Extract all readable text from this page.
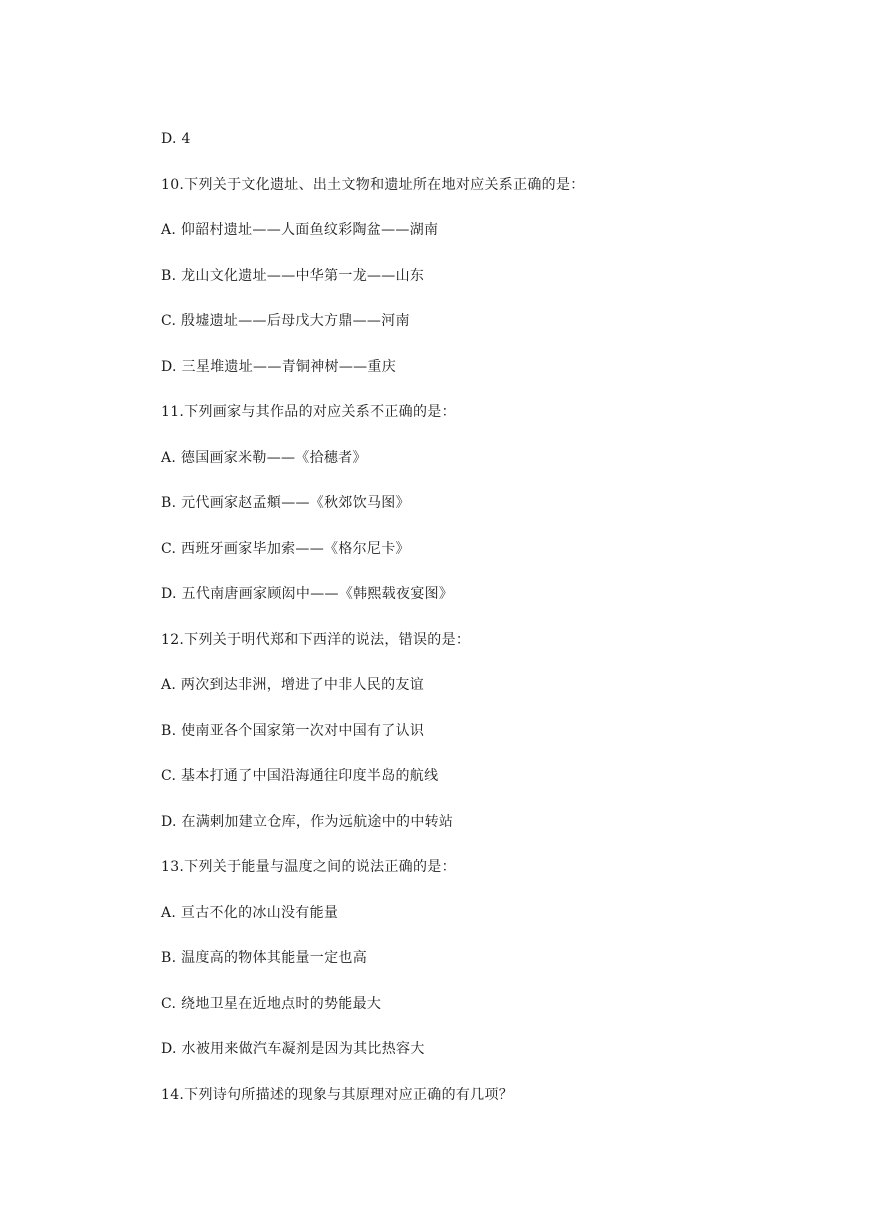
D. 4
10.下列关于文化遗址、出土文物和遗址所在地对应关系正确的是：
A. 仰韶村遗址——人面鱼纹彩陶盆——湖南
B. 龙山文化遗址——中华第一龙——山东
C. 殷墟遗址——后母戊大方鼎——河南
D. 三星堆遗址——青铜神树——重庆
11.下列画家与其作品的对应关系不正确的是：
A. 德国画家米勒——《拾穗者》
B. 元代画家赵孟頫——《秋郊饮马图》
C. 西班牙画家毕加索——《格尔尼卡》
D. 五代南唐画家顾闳中——《韩熙载夜宴图》
12.下列关于明代郑和下西洋的说法，错误的是：
A. 两次到达非洲，增进了中非人民的友谊
B. 使南亚各个国家第一次对中国有了认识
C. 基本打通了中国沿海通往印度半岛的航线
D. 在满剌加建立仓库，作为远航途中的中转站
13.下列关于能量与温度之间的说法正确的是：
A. 亘古不化的冰山没有能量
B. 温度高的物体其能量一定也高
C. 绕地卫星在近地点时的势能最大
D. 水被用来做汽车凝剂是因为其比热容大
14.下列诗句所描述的现象与其原理对应正确的有几项？
